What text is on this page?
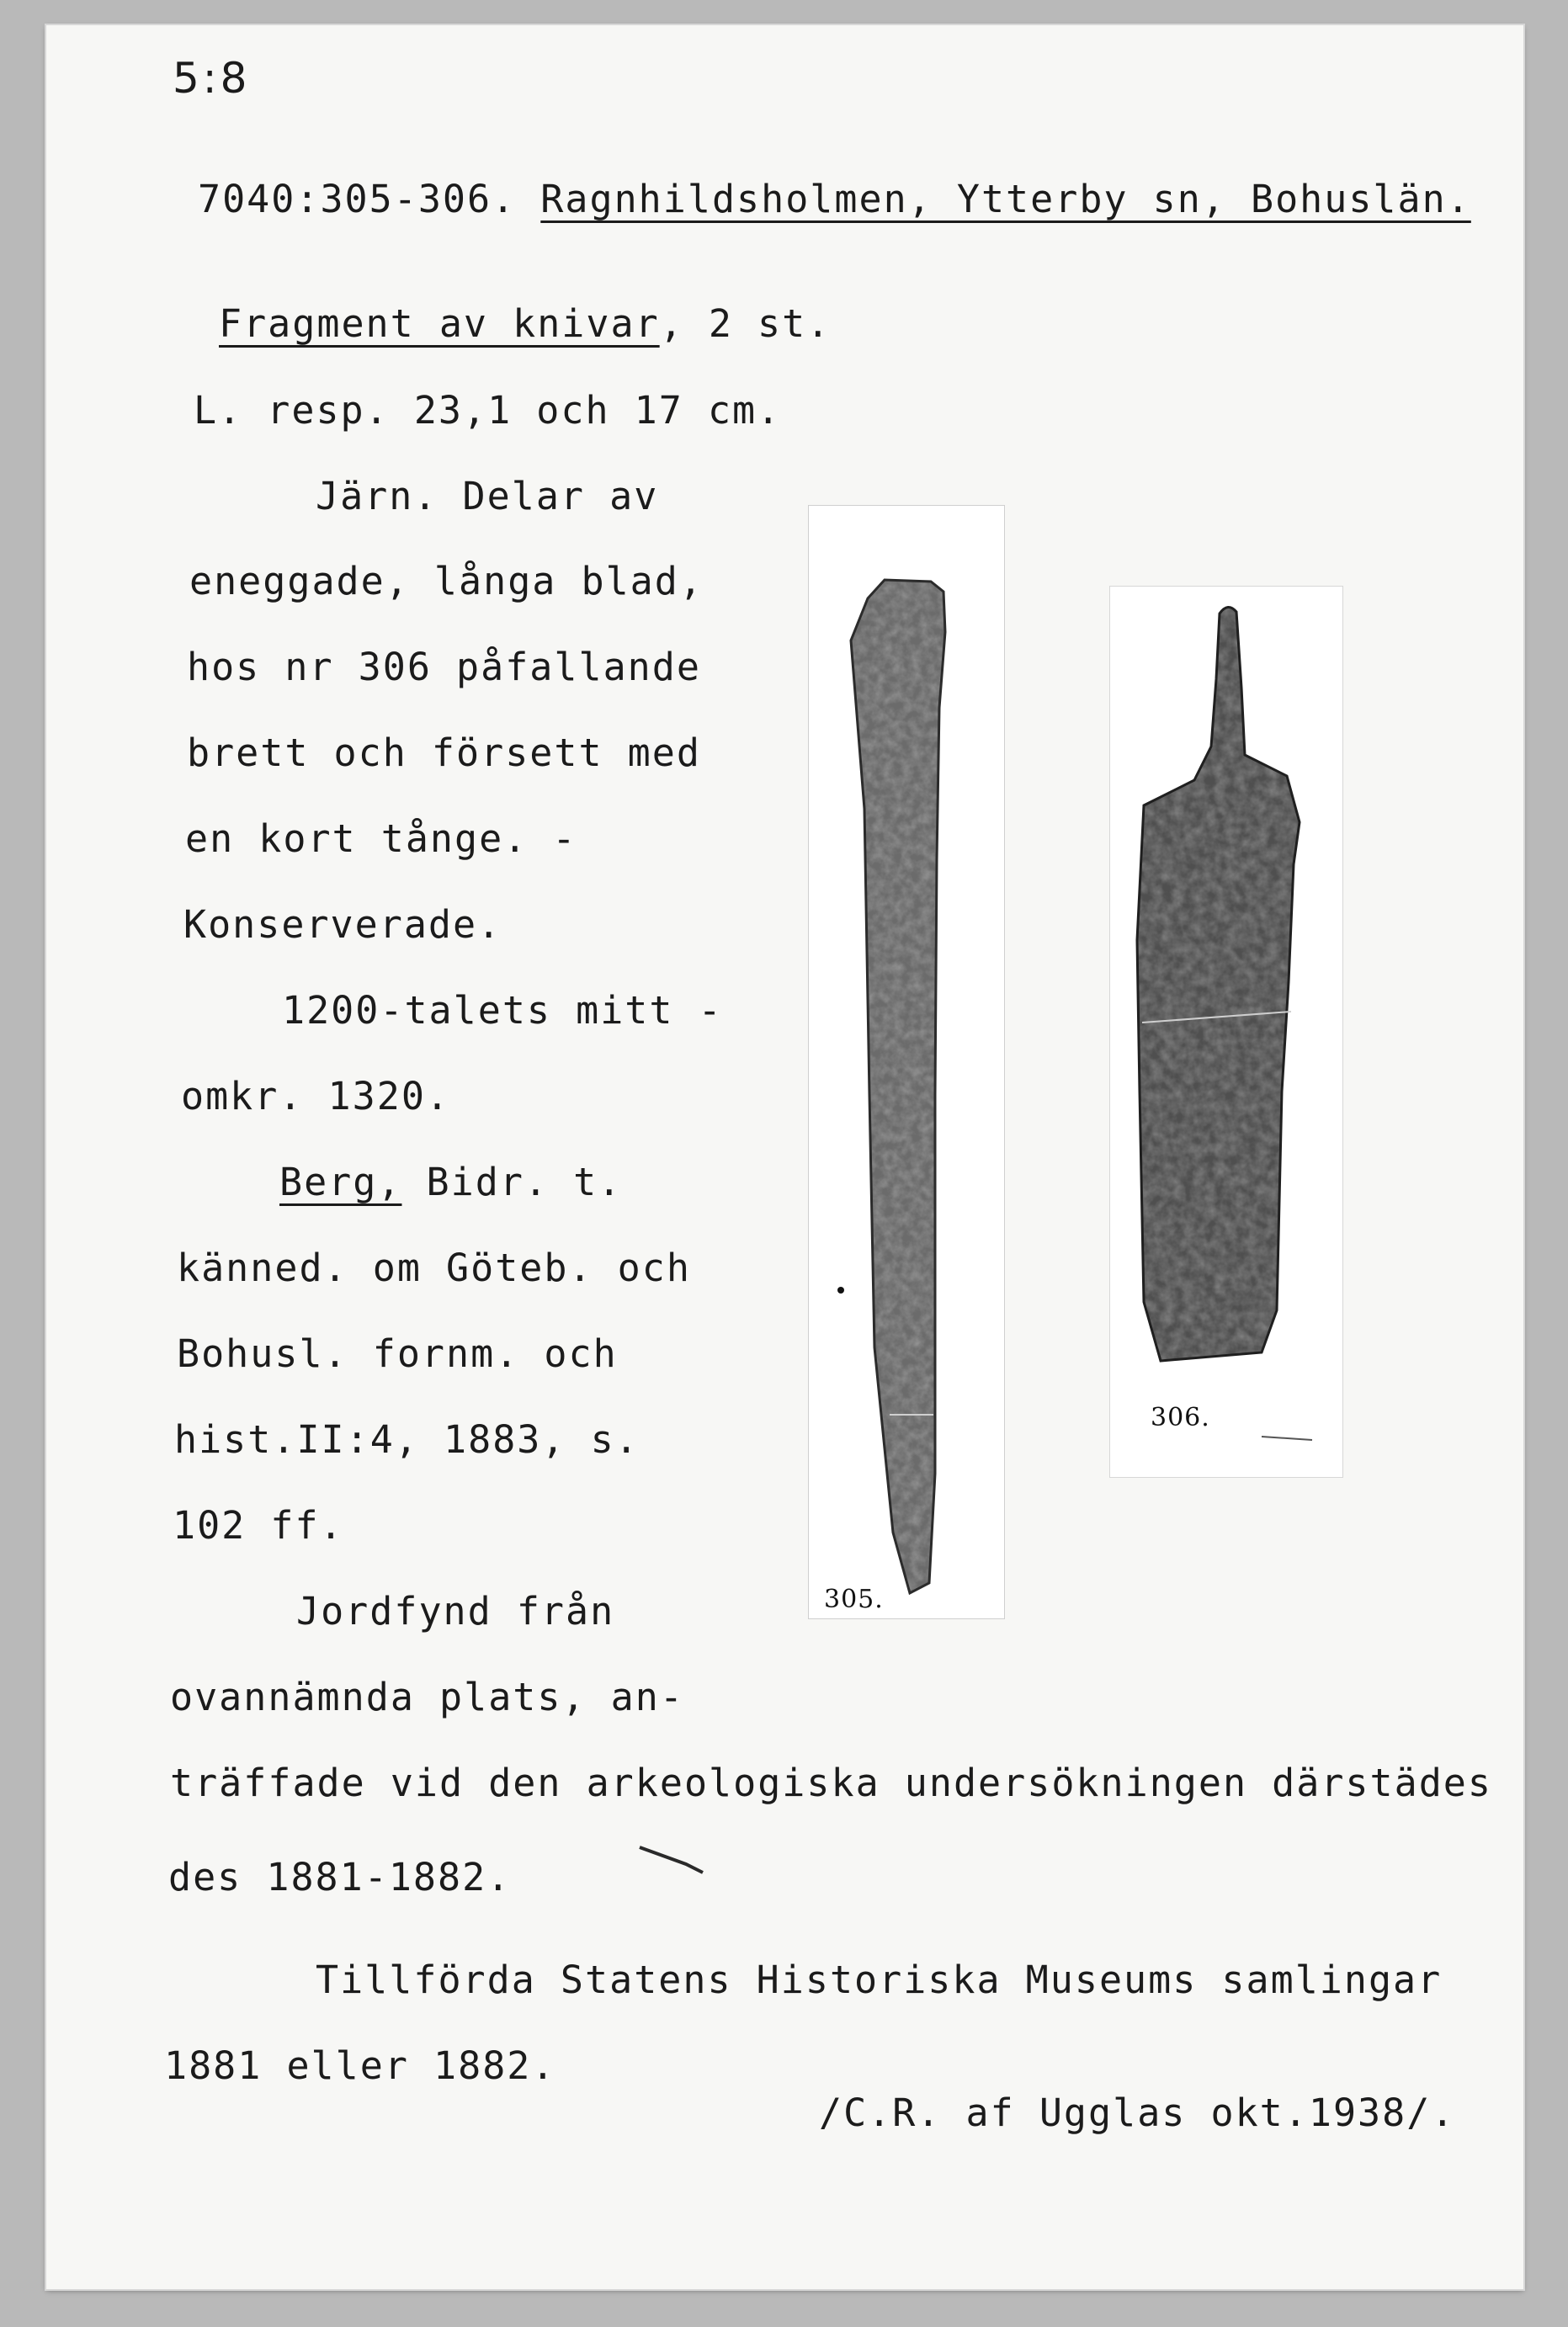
5:8
7040:305-306. Ragnhildsholmen, Ytterby sn, Bohuslän.
Fragment av knivar, 2 st.
L. resp. 23,1 och 17 cm.
Järn. Delar av
eneggade, långa blad,
hos nr 306 påfallande
brett och försett med
en kort tånge. -
Konserverade.
1200-talets mitt -
omkr. 1320.
Berg, Bidr. t.
känned. om Göteb. och
Bohusl. fornm. och
hist.II:4, 1883, s.
102 ff.
Jordfynd från
ovannämnda plats, an-
träffade vid den arkeologiska undersökningen därstädes
des 1881-1882.
Tillförda Statens Historiska Museums samlingar
1881 eller 1882.
/C.R. af Ugglas okt.1938/.
305.
306.
